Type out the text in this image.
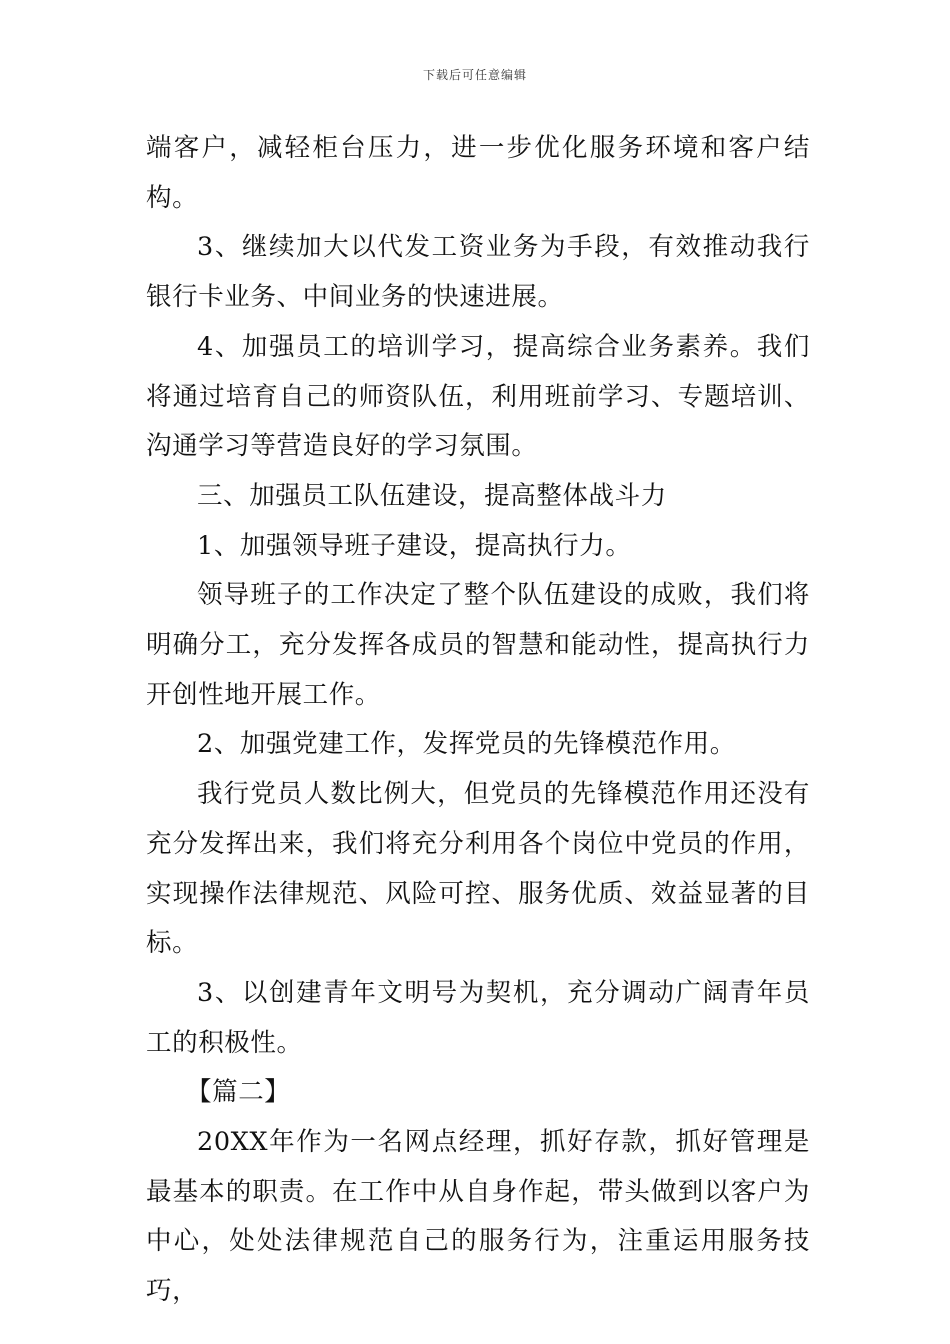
下载后可任意编辑

端客户，减轻柜台压力，进一步优化服务环境和客户结构。

3、继续加大以代发工资业务为手段，有效推动我行银行卡业务、中间业务的快速进展。

4、加强员工的培训学习，提高综合业务素养。我们将通过培育自己的师资队伍，利用班前学习、专题培训、沟通学习等营造良好的学习氛围。

三、加强员工队伍建设，提高整体战斗力

1、加强领导班子建设，提高执行力。

领导班子的工作决定了整个队伍建设的成败，我们将明确分工，充分发挥各成员的智慧和能动性，提高执行力开创性地开展工作。

2、加强党建工作，发挥党员的先锋模范作用。

我行党员人数比例大，但党员的先锋模范作用还没有充分发挥出来，我们将充分利用各个岗位中党员的作用，实现操作法律规范、风险可控、服务优质、效益显著的目标。

3、以创建青年文明号为契机，充分调动广阔青年员工的积极性。

【篇二】

20XX年作为一名网点经理，抓好存款，抓好管理是最基本的职责。在工作中从自身作起，带头做到以客户为中心，处处法律规范自己的服务行为，注重运用服务技巧，
